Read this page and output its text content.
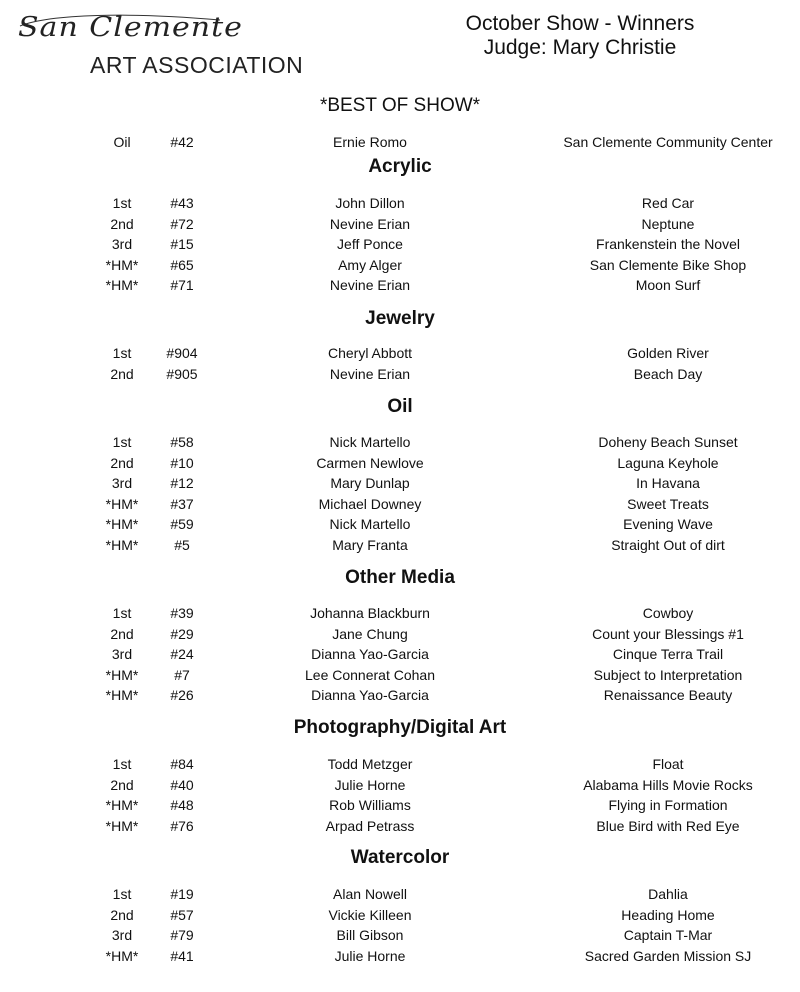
San Clemente
ART ASSOCIATION
October Show - Winners
Judge: Mary Christie
*BEST OF SHOW*
Oil	#42	Ernie Romo	San Clemente Community Center
Acrylic
1st	#43	John Dillon	Red Car
2nd	#72	Nevine Erian	Neptune
3rd	#15	Jeff Ponce	Frankenstein the Novel
*HM*	#65	Amy Alger	San Clemente Bike Shop
*HM*	#71	Nevine Erian	Moon Surf
Jewelry
1st	#904	Cheryl Abbott	Golden River
2nd	#905	Nevine Erian	Beach Day
Oil
1st	#58	Nick Martello	Doheny Beach Sunset
2nd	#10	Carmen Newlove	Laguna Keyhole
3rd	#12	Mary Dunlap	In Havana
*HM*	#37	Michael Downey	Sweet Treats
*HM*	#59	Nick Martello	Evening Wave
*HM*	#5	Mary Franta	Straight Out of dirt
Other Media
1st	#39	Johanna Blackburn	Cowboy
2nd	#29	Jane Chung	Count your Blessings #1
3rd	#24	Dianna Yao-Garcia	Cinque Terra Trail
*HM*	#7	Lee Connerat Cohan	Subject to Interpretation
*HM*	#26	Dianna Yao-Garcia	Renaissance Beauty
Photography/Digital Art
1st	#84	Todd Metzger	Float
2nd	#40	Julie Horne	Alabama Hills Movie Rocks
*HM*	#48	Rob Williams	Flying in Formation
*HM*	#76	Arpad Petrass	Blue Bird with Red Eye
Watercolor
1st	#19	Alan Nowell	Dahlia
2nd	#57	Vickie Killeen	Heading Home
3rd	#79	Bill Gibson	Captain T-Mar
*HM*	#41	Julie Horne	Sacred Garden Mission SJ
